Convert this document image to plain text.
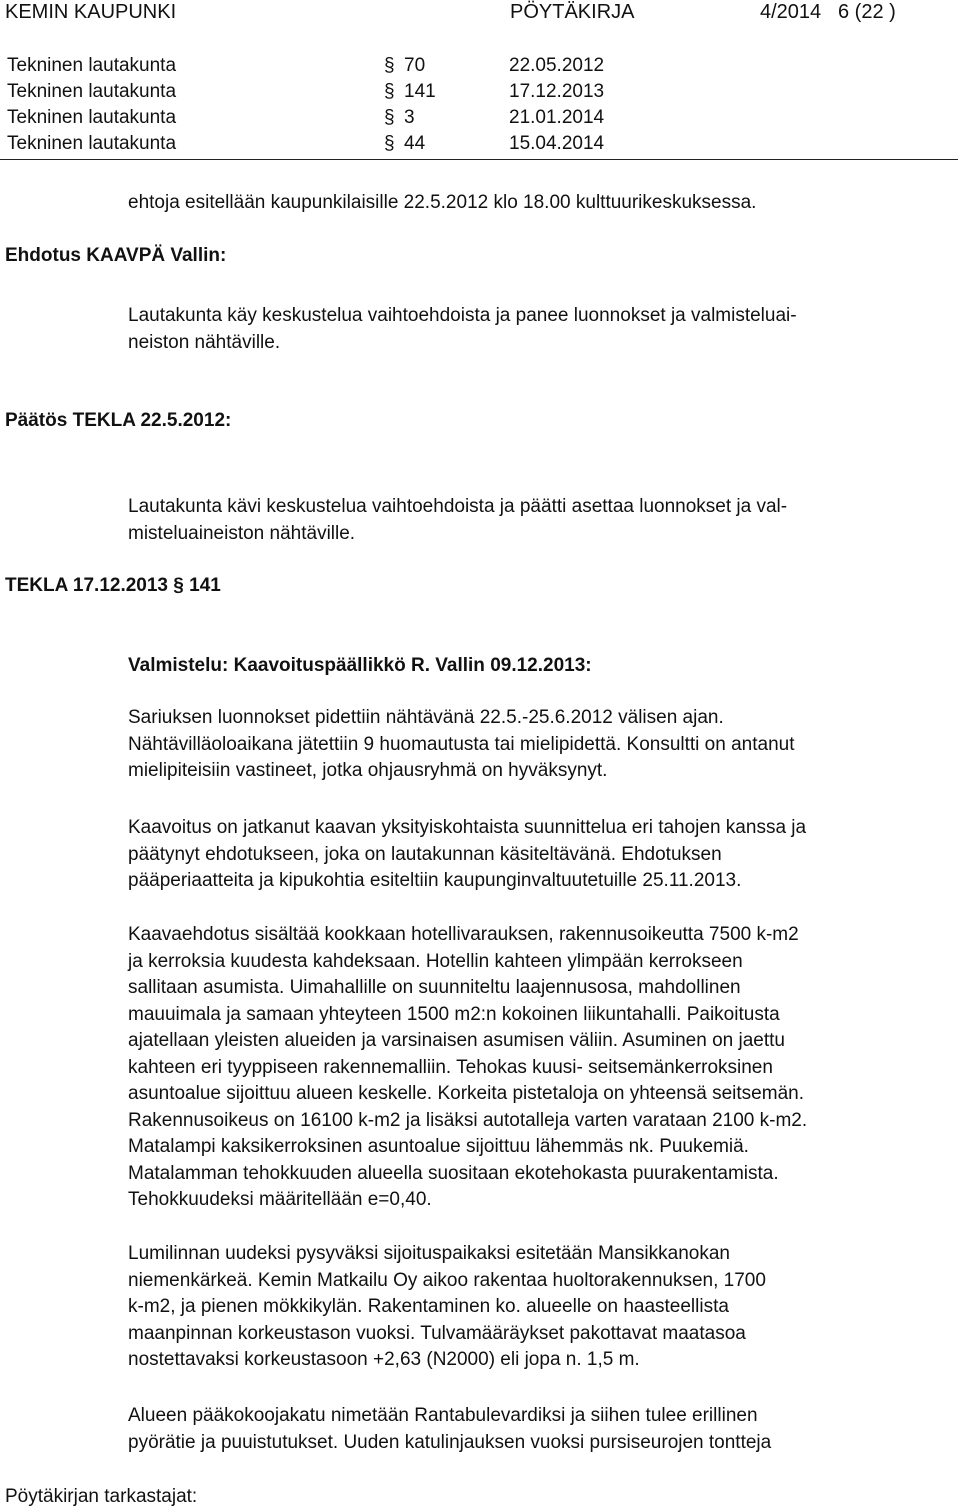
KEMIN KAUPUNKI	PÖYTÄKIRJA	4/2014 6 (22 )
Tekninen lautakunta	§ 70	22.05.2012
Tekninen lautakunta	§ 141	17.12.2013
Tekninen lautakunta	§ 3	21.01.2014
Tekninen lautakunta	§ 44	15.04.2014
ehtoja esitellään kaupunkilaisille 22.5.2012 klo 18.00 kulttuurikeskuksessa.
Ehdotus KAAVPÄ Vallin:
Lautakunta käy keskustelua vaihtoehdoista ja panee luonnokset ja valmisteluai-
neiston nähtäville.
Päätös TEKLA 22.5.2012:
Lautakunta kävi keskustelua vaihtoehdoista ja päätti asettaa luonnokset ja val-
misteluaineiston nähtäville.
TEKLA 17.12.2013 § 141
Valmistelu: Kaavoituspäällikkö R. Vallin 09.12.2013:
Sariuksen luonnokset pidettiin nähtävänä 22.5.-25.6.2012 välisen ajan.
Nähtävilläoloaikana jätettiin 9 huomautusta tai mielipidettä. Konsultti on antanut
mielipiteisiin vastineet, jotka ohjausryhmä on hyväksynyt.
Kaavoitus on jatkanut kaavan yksityiskohtaista suunnittelua eri tahojen kanssa ja
päätynyt ehdotukseen, joka on lautakunnan käsiteltävänä. Ehdotuksen
pääperiaatteita ja kipukohtia esiteltiin kaupunginvaltuutetuille 25.11.2013.
Kaavaehdotus sisältää kookkaan hotellivarauksen, rakennusoikeutta 7500 k-m2
ja kerroksia kuudesta kahdeksaan. Hotellin kahteen ylimpään kerrokseen
sallitaan asumista. Uimahallille on suunniteltu laajennusosa, mahdollinen
mauuimala ja samaan yhteyteen 1500 m2:n kokoinen liikuntahalli. Paikoitusta
ajatellaan yleisten alueiden ja varsinaisen asumisen väliin. Asuminen on jaettu
kahteen eri tyyppiseen rakennemalliin. Tehokas kuusi- seitsemänkerroksinen
asuntoalue sijoittuu alueen keskelle. Korkeita pistetaloja on yhteensä seitsemän.
Rakennusoikeus on 16100 k-m2 ja lisäksi autotalleja varten varataan 2100 k-m2.
Matalampi kaksikerroksinen asuntoalue sijoittuu lähemmäs nk. Puukemiä.
Matalamman tehokkuuden alueella suositaan ekotehokasta puurakentamista.
Tehokkuudeksi määritellään e=0,40.
Lumilinnan uudeksi pysyväksi sijoituspaikaksi esitetään Mansikkanokan
niemenkärkeä. Kemin Matkailu Oy aikoo rakentaa huoltorakennuksen, 1700
k-m2, ja pienen mökkikylän. Rakentaminen ko. alueelle on haasteellista
maanpinnan korkeustason vuoksi. Tulvamääräykset pakottavat maatasoa
nostettavaksi korkeustasoon +2,63 (N2000) eli jopa n. 1,5 m.
Alueen pääkokoojakatu nimetään Rantabulevardiksi ja siihen tulee erillinen
pyörätie ja puuistutukset. Uuden katulinjauksen vuoksi pursiseurojen tontteja
Pöytäkirjan tarkastajat:
